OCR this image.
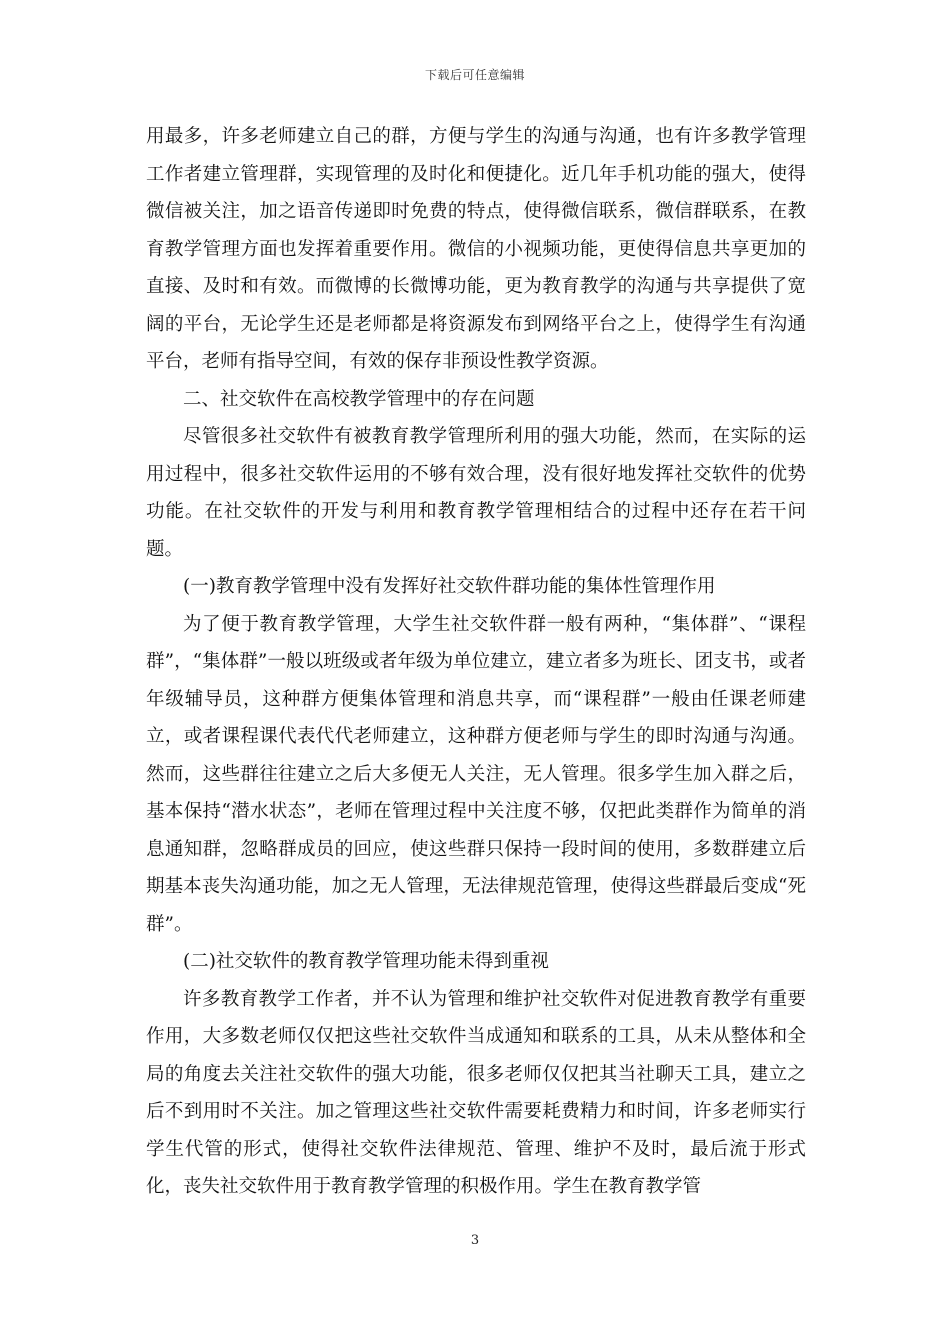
下载后可任意编辑

用最多，许多老师建立自己的群，方便与学生的沟通与沟通，也有许多教学管理工作者建立管理群，实现管理的及时化和便捷化。近几年手机功能的强大，使得微信被关注，加之语音传递即时免费的特点，使得微信联系，微信群联系，在教育教学管理方面也发挥着重要作用。微信的小视频功能，更使得信息共享更加的直接、及时和有效。而微博的长微博功能，更为教育教学的沟通与共享提供了宽阔的平台，无论学生还是老师都是将资源发布到网络平台之上，使得学生有沟通平台，老师有指导空间，有效的保存非预设性教学资源。

二、社交软件在高校教学管理中的存在问题

尽管很多社交软件有被教育教学管理所利用的强大功能，然而，在实际的运用过程中，很多社交软件运用的不够有效合理，没有很好地发挥社交软件的优势功能。在社交软件的开发与利用和教育教学管理相结合的过程中还存在若干问题。

(一)教育教学管理中没有发挥好社交软件群功能的集体性管理作用

为了便于教育教学管理，大学生社交软件群一般有两种，“集体群”、“课程群”，“集体群”一般以班级或者年级为单位建立，建立者多为班长、团支书，或者年级辅导员，这种群方便集体管理和消息共享，而“课程群”一般由任课老师建立，或者课程课代表代代老师建立，这种群方便老师与学生的即时沟通与沟通。然而，这些群往往建立之后大多便无人关注，无人管理。很多学生加入群之后，基本保持“潜水状态”，老师在管理过程中关注度不够，仅把此类群作为简单的消息通知群，忽略群成员的回应，使这些群只保持一段时间的使用，多数群建立后期基本丧失沟通功能，加之无人管理，无法律规范管理，使得这些群最后变成“死群”。

(二)社交软件的教育教学管理功能未得到重视

许多教育教学工作者，并不认为管理和维护社交软件对促进教育教学有重要作用，大多数老师仅仅把这些社交软件当成通知和联系的工具，从未从整体和全局的角度去关注社交软件的强大功能，很多老师仅仅把其当社聊天工具，建立之后不到用时不关注。加之管理这些社交软件需要耗费精力和时间，许多老师实行学生代管的形式，使得社交软件法律规范、管理、维护不及时，最后流于形式化，丧失社交软件用于教育教学管理的积极作用。学生在教育教学管

3
